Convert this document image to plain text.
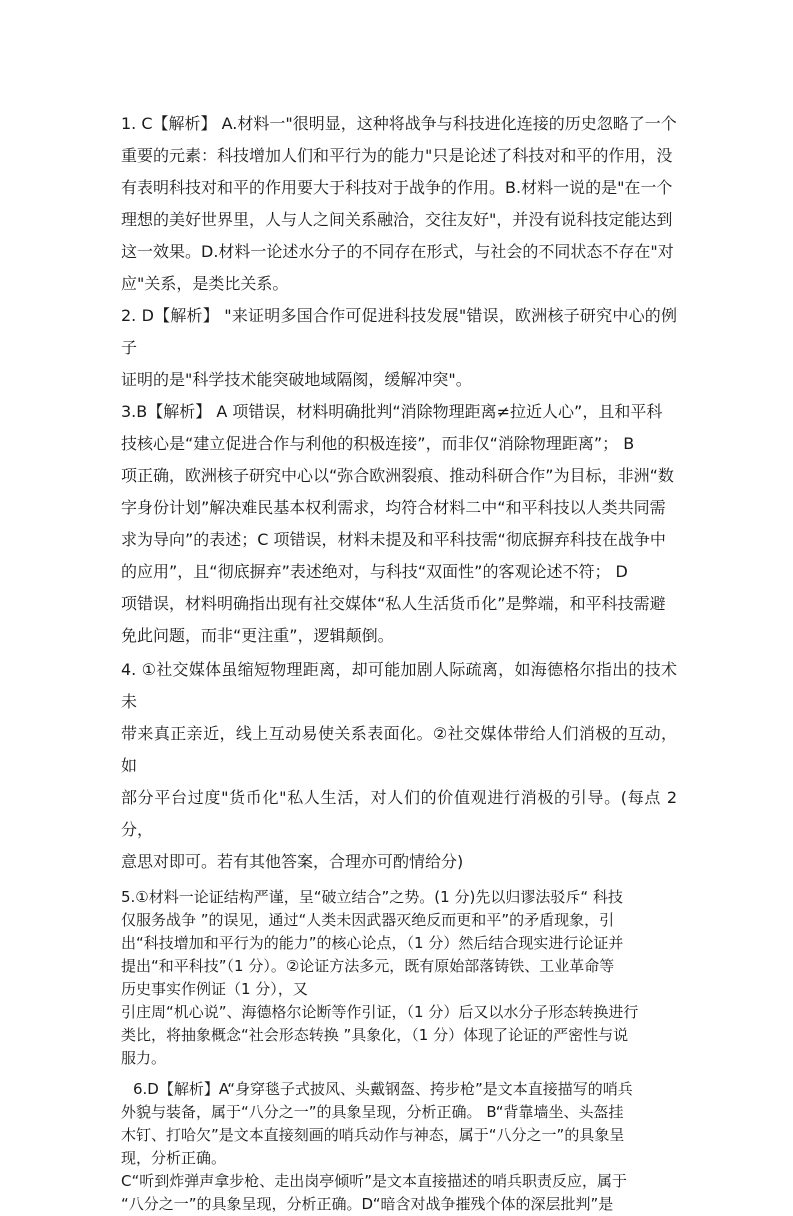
1. C【解析】 A.材料一"很明显，这种将战争与科技进化连接的历史忽略了一个
重要的元素：科技增加人们和平行为的能力"只是论述了科技对和平的作用，没
有表明科技对和平的作用要大于科技对于战争的作用。B.材料一说的是"在一个
理想的美好世界里，人与人之间关系融洽，交往友好"，并没有说科技定能达到
这一效果。D.材料一论述水分子的不同存在形式，与社会的不同状态不存在"对
应"关系，是类比关系。

2. D【解析】 "来证明多国合作可促进科技发展"错误，欧洲核子研究中心的例子
证明的是"科学技术能突破地域隔阂，缓解冲突"。

3.B【解析】 A 项错误，材料明确批判“消除物理距离≠拉近人心”，且和平科
技核心是“建立促进合作与利他的积极连接”，而非仅“消除物理距离”； B
项正确，欧洲核子研究中心以“弥合欧洲裂痕、推动科研合作”为目标，非洲“数
字身份计划”解决难民基本权利需求，均符合材料二中“和平科技以人类共同需
求为导向”的表述；C 项错误，材料未提及和平科技需“彻底摒弃科技在战争中
的应用”，且“彻底摒弃”表述绝对，与科技“双面性”的客观论述不符； D
项错误，材料明确指出现有社交媒体“私人生活货币化”是弊端，和平科技需避
免此问题，而非“更注重”，逻辑颠倒。

4. ①社交媒体虽缩短物理距离，却可能加剧人际疏离，如海德格尔指出的技术未
带来真正亲近，线上互动易使关系表面化。②社交媒体带给人们消极的互动，如
部分平台过度"货币化"私人生活，对人们的价值观进行消极的引导。(每点 2分，
意思对即可。若有其他答案，合理亦可酌情给分)

5.①材料一论证结构严谨，呈“破立结合”之势。(1 分)先以归谬法驳斥“ 科技
仅服务战争 ”的误见，通过“人类未因武器灭绝反而更和平”的矛盾现象，引
出“科技增加和平行为的能力”的核心论点，（1 分）然后结合现实进行论证并
提出“和平科技”（1 分）。②论证方法多元，既有原始部落铸铁、工业革命等
历史事实作例证（1 分），又
引庄周“机心说”、海德格尔论断等作引证，（1 分）后又以水分子形态转换进行
类比，将抽象概念“社会形态转换 ”具象化，（1 分）体现了论证的严密性与说
服力。

6.D【解析】A“身穿毯子式披风、头戴钢盔、挎步枪”是文本直接描写的哨兵
外貌与装备，属于“八分之一”的具象呈现，分析正确。 B“背靠墙坐、头盔挂
木钉、打哈欠”是文本直接刻画的哨兵动作与神态，属于“八分之一”的具象呈
现，分析正确。
C“听到炸弹声拿步枪、走出岗亭倾听”是文本直接描述的哨兵职责反应，属于
“八分之一”的具象呈现，分析正确。D“暗含对战争摧残个体的深层批判”是
